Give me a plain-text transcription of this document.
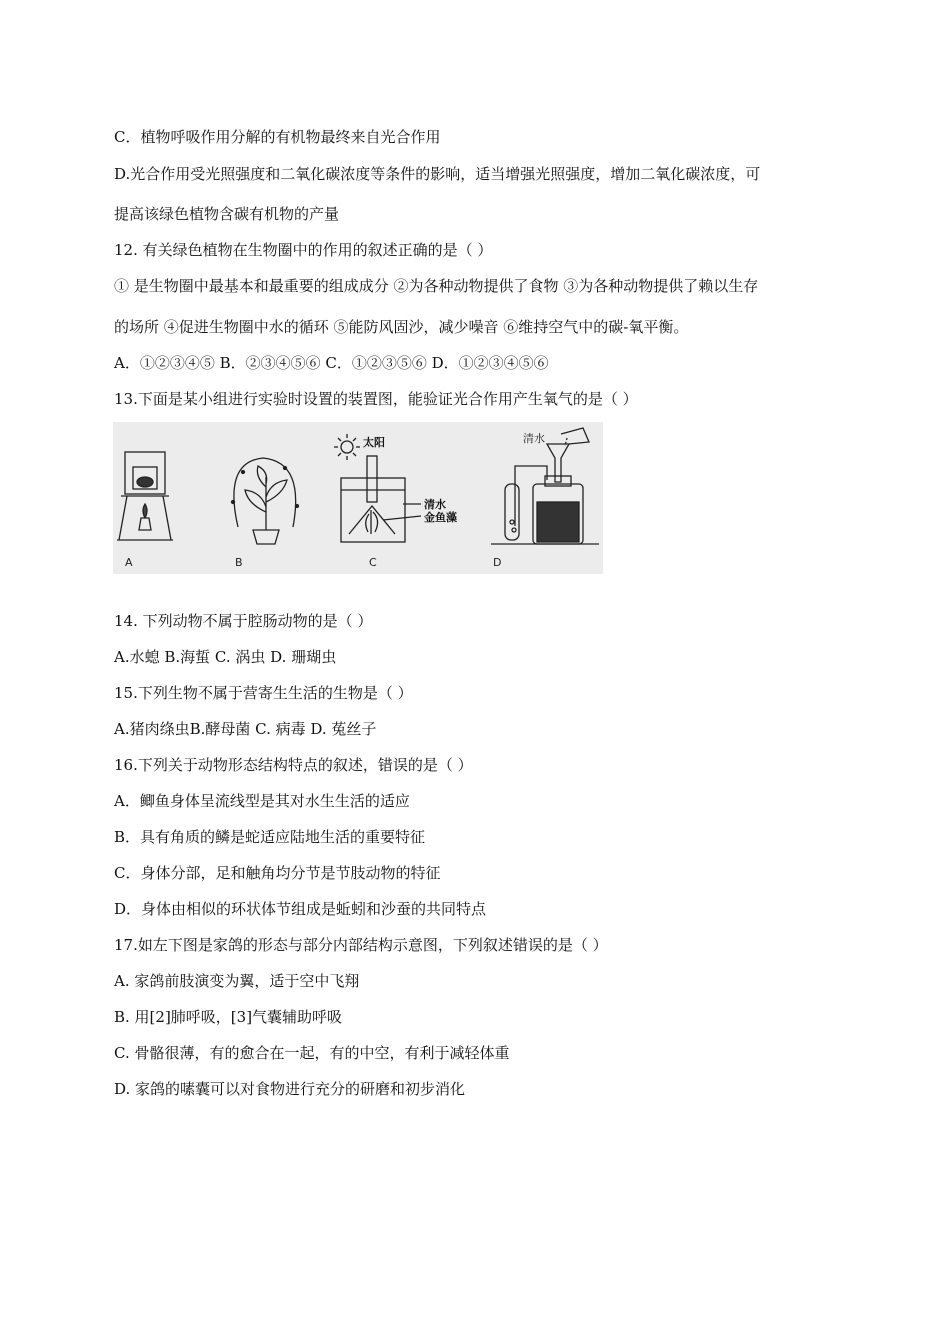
C．植物呼吸作用分解的有机物最终来自光合作用
D.光合作用受光照强度和二氧化碳浓度等条件的影响，适当增强光照强度，增加二氧化碳浓度，可
提高该绿色植物含碳有机物的产量
12. 有关绿色植物在生物圈中的作用的叙述正确的是（ ）
① 是生物圈中最基本和最重要的组成成分 ②为各种动物提供了食物 ③为各种动物提供了赖以生存
的场所 ④促进生物圈中水的循环 ⑤能防风固沙，减少噪音 ⑥维持空气中的碳-氧平衡。
A．①②③④⑤ B．②③④⑤⑥ C．①②③⑤⑥ D．①②③④⑤⑥
13.下面是某小组进行实验时设置的装置图，能验证光合作用产生氧气的是（ ）
太阳
清水
金鱼藻
清水
A	B	C	D
14. 下列动物不属于腔肠动物的是（ ）
A.水螅 B.海蜇 C. 涡虫 D. 珊瑚虫
15.下列生物不属于营寄生生活的生物是（ ）
A.猪肉绦虫B.酵母菌 C. 病毒 D. 菟丝子
16.下列关于动物形态结构特点的叙述，错误的是（ ）
A．鲫鱼身体呈流线型是其对水生生活的适应
B．具有角质的鳞是蛇适应陆地生活的重要特征
C．身体分部，足和触角均分节是节肢动物的特征
D．身体由相似的环状体节组成是蚯蚓和沙蚕的共同特点
17.如左下图是家鸽的形态与部分内部结构示意图，下列叙述错误的是（ ）
A. 家鸽前肢演变为翼，适于空中飞翔
B. 用[2]肺呼吸，[3]气囊辅助呼吸
C. 骨骼很薄，有的愈合在一起，有的中空，有利于减轻体重
D. 家鸽的嗉囊可以对食物进行充分的研磨和初步消化
